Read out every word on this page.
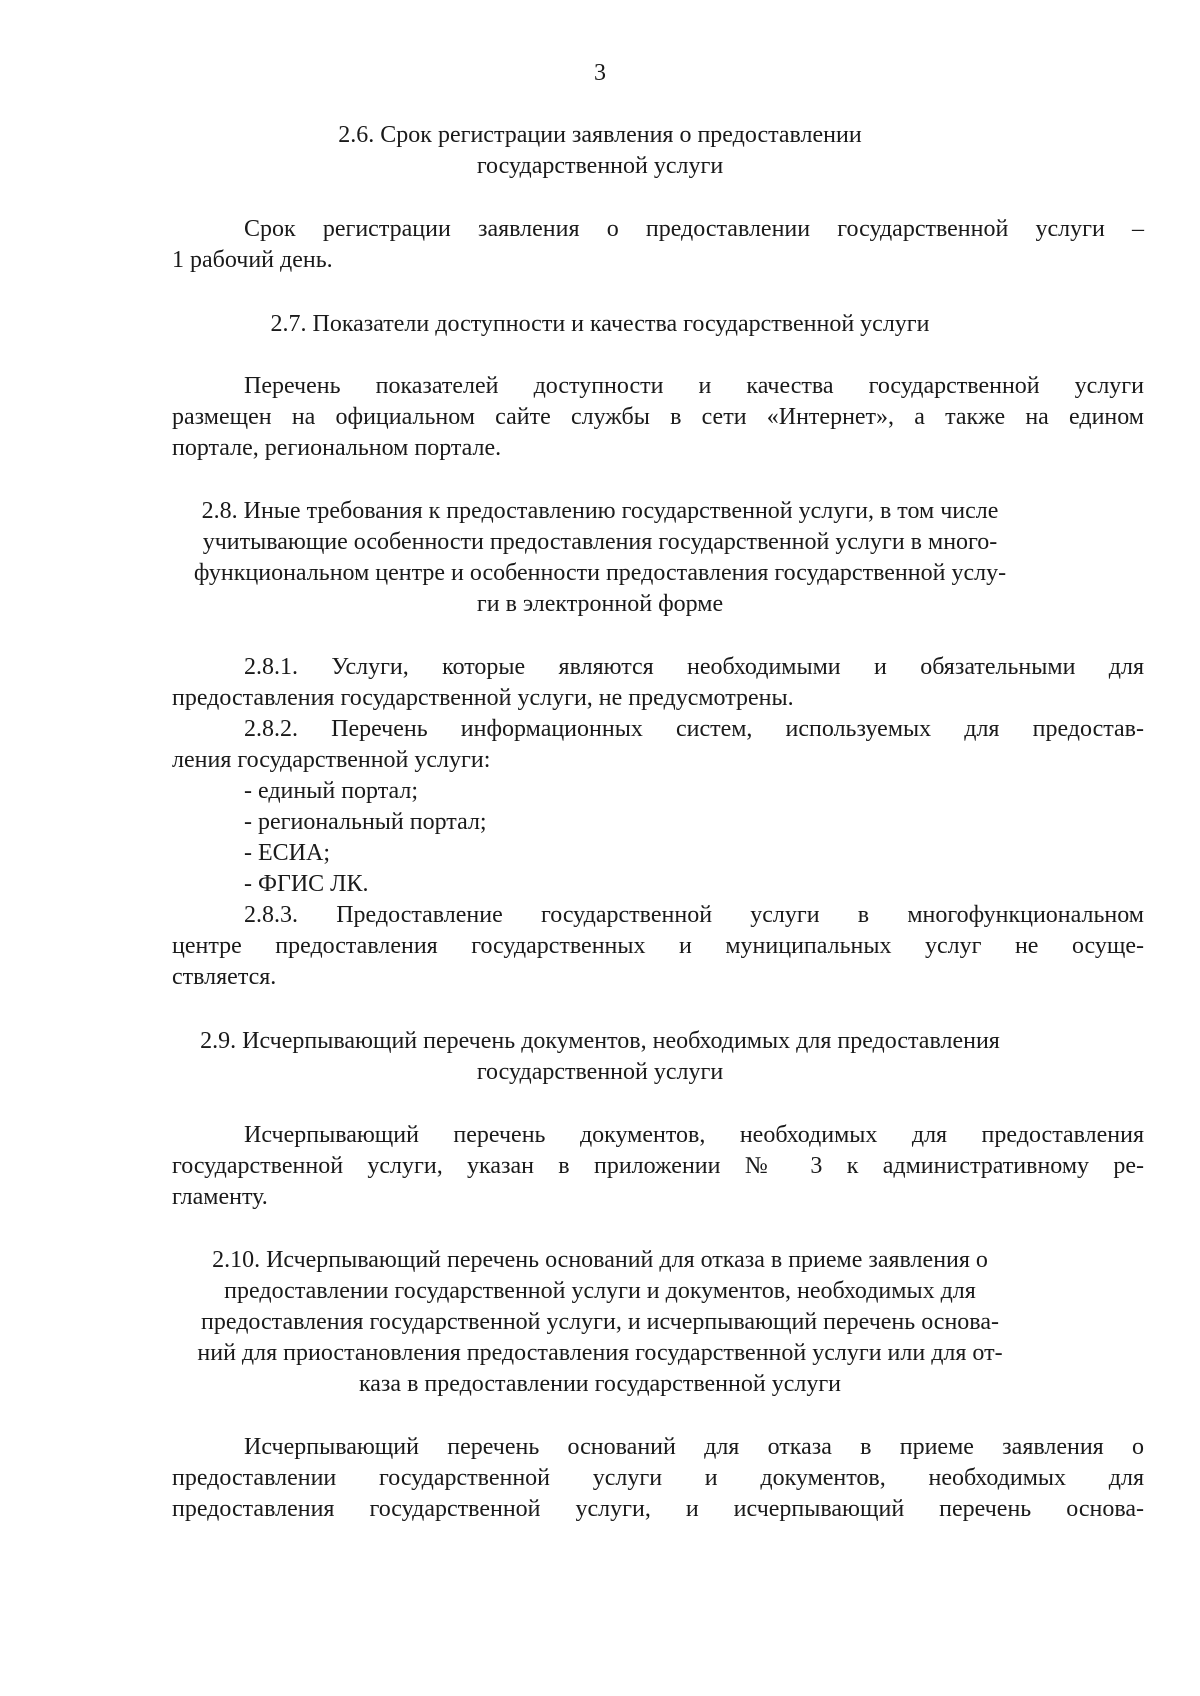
3

2.6. Срок регистрации заявления о предоставлении

государственной услуги

Срок регистрации заявления о предоставлении государственной услуги –

1 рабочий день.

2.7. Показатели доступности и качества государственной услуги

Перечень показателей доступности и качества государственной услуги

размещен на официальном сайте службы в сети «Интернет», а также на едином

портале, региональном портале.

2.8. Иные требования к предоставлению государственной услуги, в том числе

учитывающие особенности предоставления государственной услуги в много-

функциональном центре и особенности предоставления государственной услу-

ги в электронной форме

2.8.1. Услуги, которые являются необходимыми и обязательными для

предоставления государственной услуги, не предусмотрены.

2.8.2. Перечень информационных систем, используемых для предостав-

ления государственной услуги:

- единый портал;

- региональный портал;

- ЕСИА;

- ФГИС ЛК.

2.8.3. Предоставление государственной услуги в многофункциональном

центре предоставления государственных и муниципальных услуг не осуще-

ствляется.

2.9. Исчерпывающий перечень документов, необходимых для предоставления

государственной услуги

Исчерпывающий перечень документов, необходимых для предоставления

государственной услуги, указан в приложении № 3 к административному ре-

гламенту.

2.10. Исчерпывающий перечень оснований для отказа в приеме заявления о

предоставлении государственной услуги и документов, необходимых для

предоставления государственной услуги, и исчерпывающий перечень основа-

ний для приостановления предоставления государственной услуги или для от-

каза в предоставлении государственной услуги

Исчерпывающий перечень оснований для отказа в приеме заявления о

предоставлении государственной услуги и документов, необходимых для

предоставления государственной услуги, и исчерпывающий перечень основа-
